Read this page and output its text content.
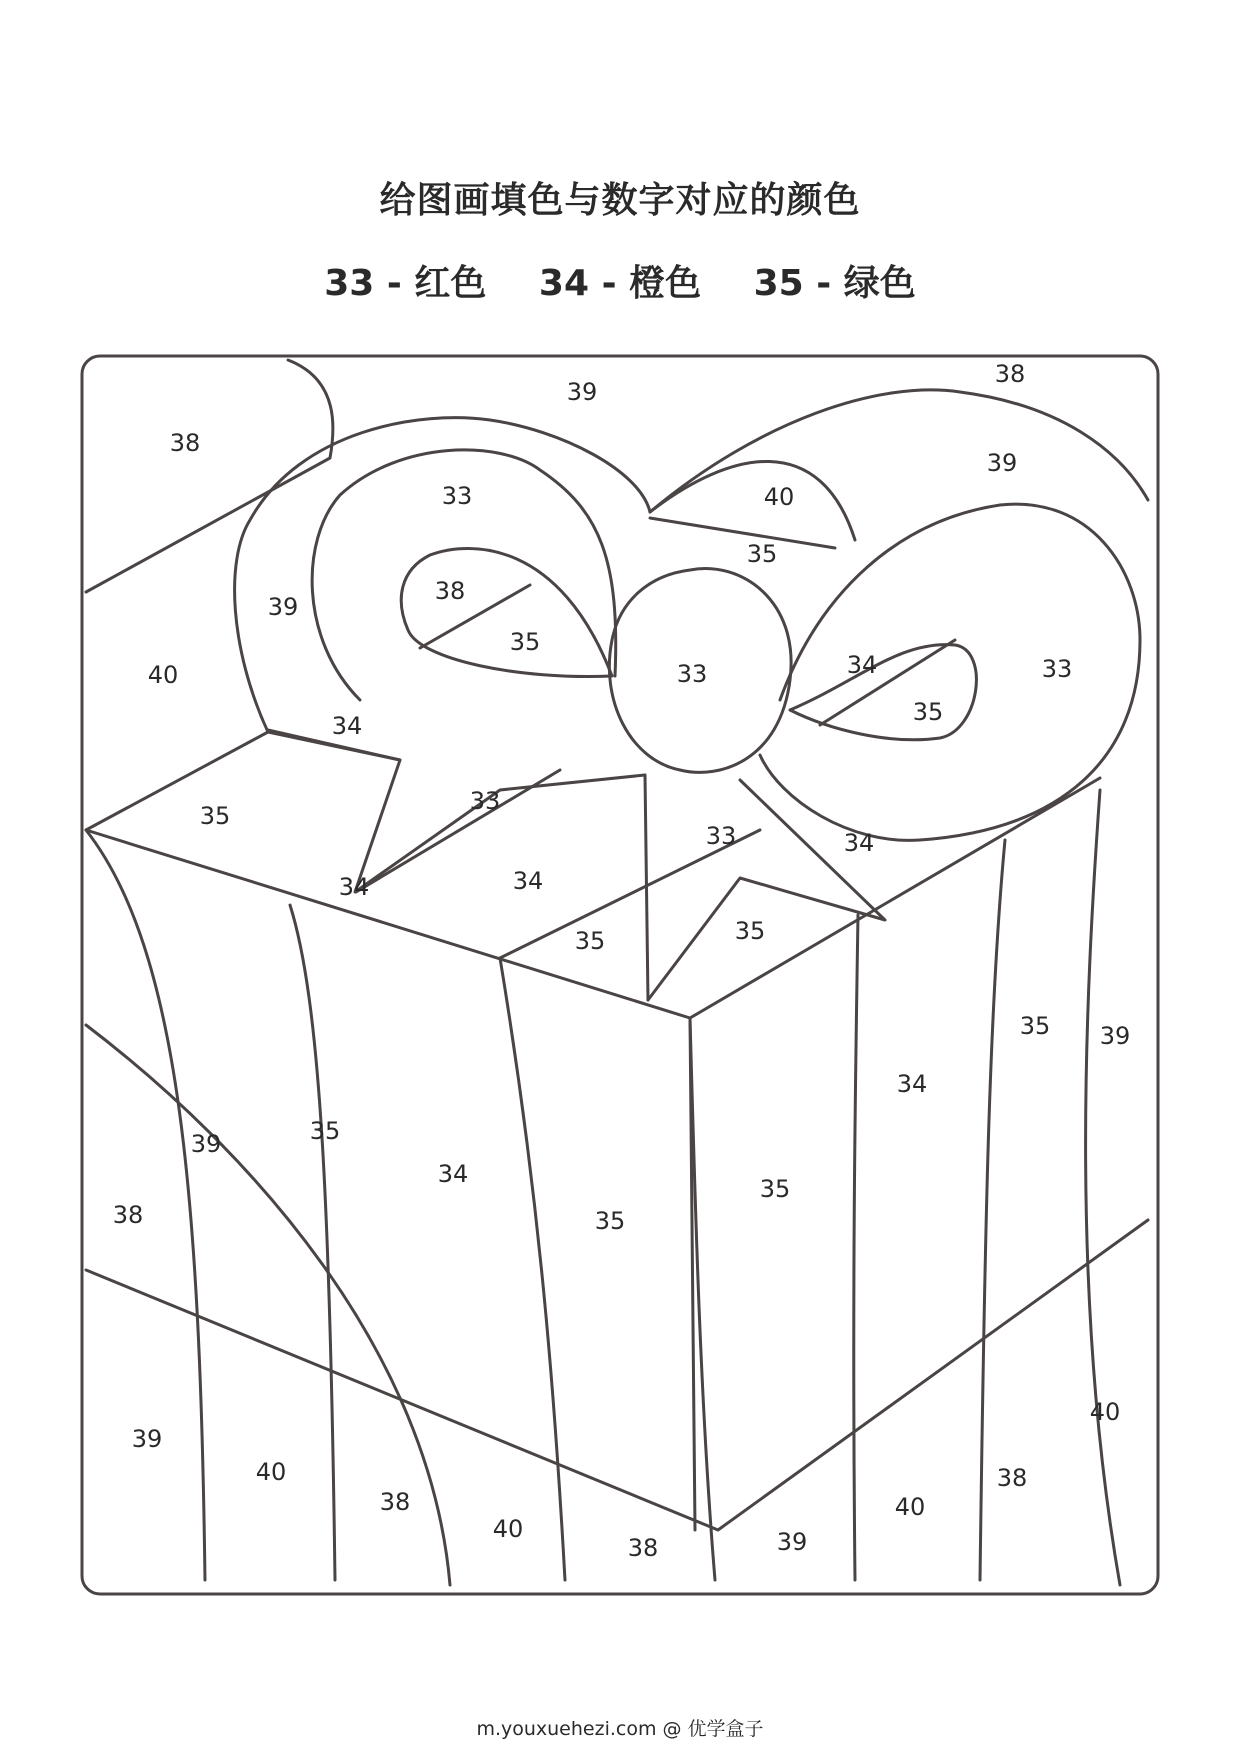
给图画填色与数字对应的颜色
33 - 红色 34 - 橙色 35 - 绿色
38
39
38
33	40
39
35
38
39
35
33	34	33
35
40
34
35
33
33
34	34
34
35	35
35 39
34
39	35
34
35
35
38
39
40
40
38	40
38	39
40
38
m.youxuehezi.com @ 优学盒子
